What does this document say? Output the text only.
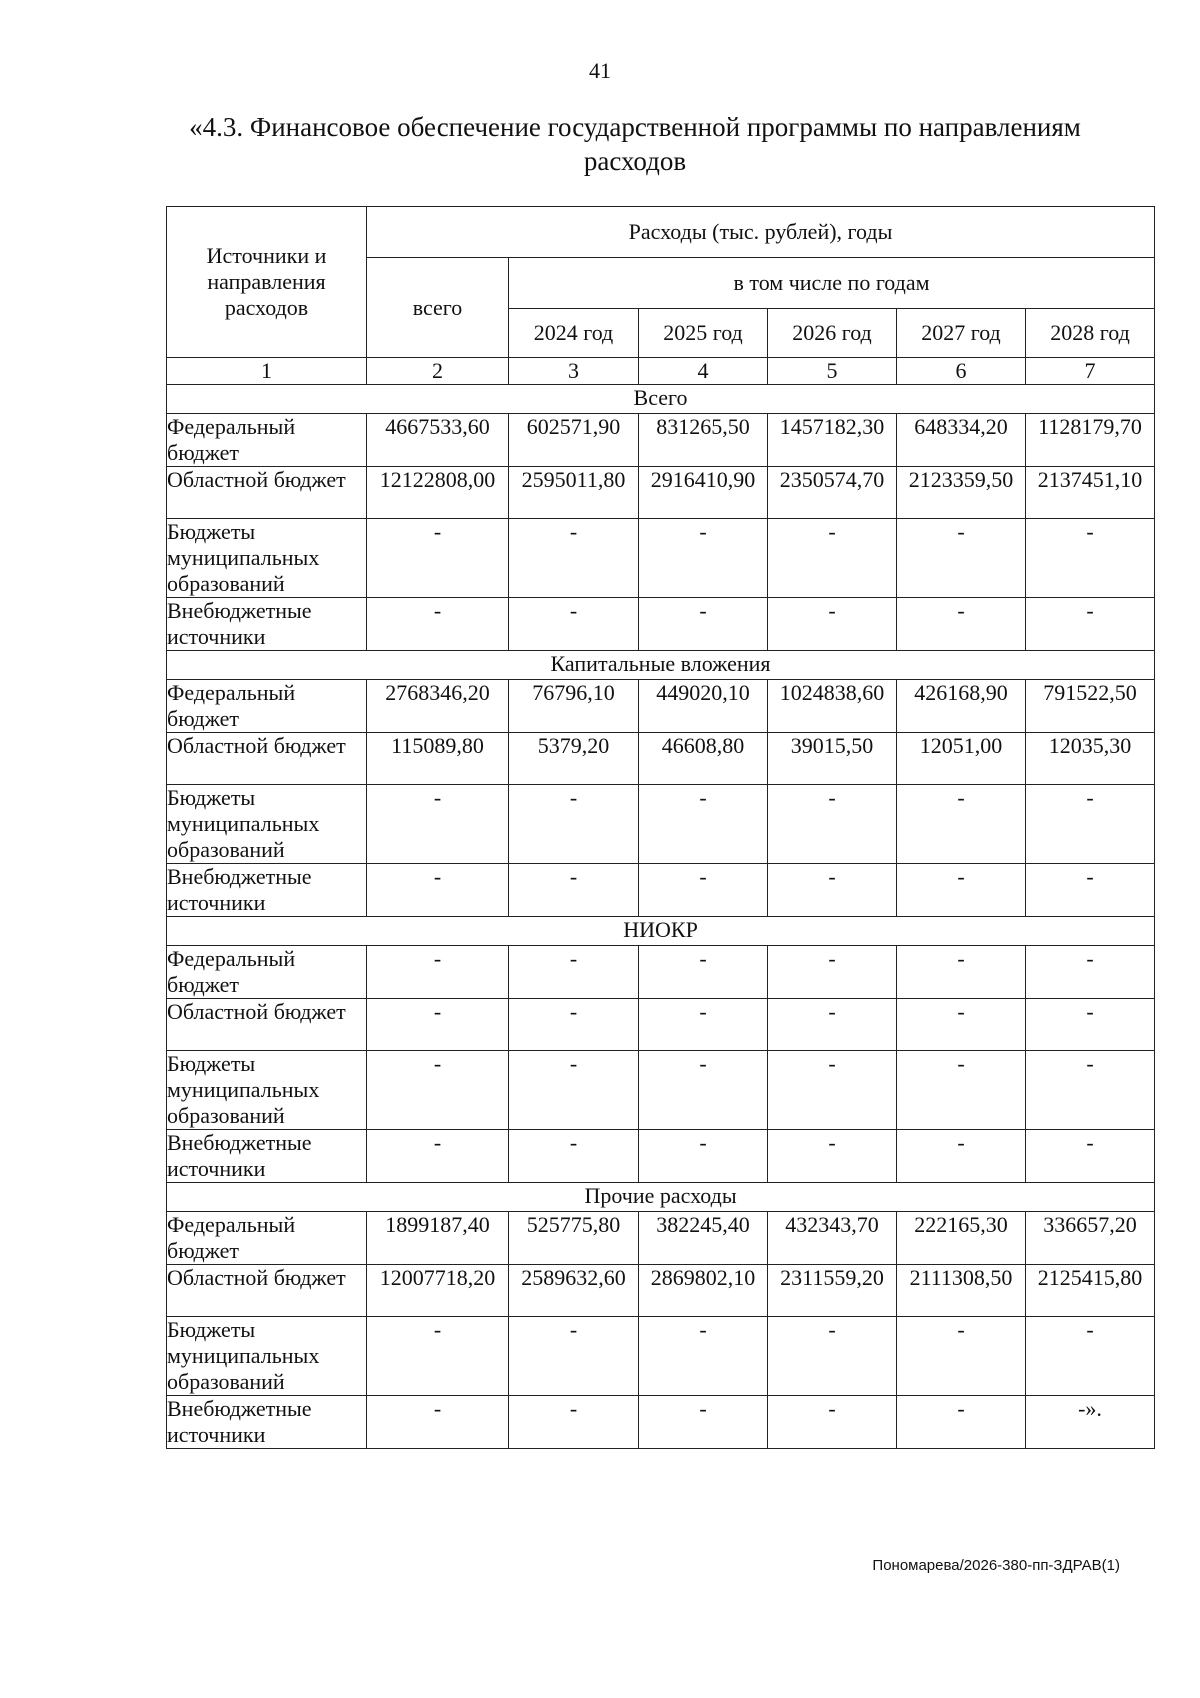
41
«4.3. Финансовое обеспечение государственной программы по направлениям
расходов
Источники и направления расходов	Расходы (тыс. рублей), годы					
	всего	в том числе по годам				
		2024 год	2025 год	2026 год	2027 год	2028 год
1	2	3	4	5	6	7
Всего						
Федеральный бюджет	4667533,60	602571,90	831265,50	1457182,30	648334,20	1128179,70
Областной бюджет	12122808,00	2595011,80	2916410,90	2350574,70	2123359,50	2137451,10
Бюджеты муниципальных образований	-	-	-	-	-	-
Внебюджетные источники	-	-	-	-	-	-
Капитальные вложения						
Федеральный бюджет	2768346,20	76796,10	449020,10	1024838,60	426168,90	791522,50
Областной бюджет	115089,80	5379,20	46608,80	39015,50	12051,00	12035,30
Бюджеты муниципальных образований	-	-	-	-	-	-
Внебюджетные источники	-	-	-	-	-	-
НИОКР						
Федеральный бюджет	-	-	-	-	-	-
Областной бюджет	-	-	-	-	-	-
Бюджеты муниципальных образований	-	-	-	-	-	-
Внебюджетные источники	-	-	-	-	-	-
Прочие расходы						
Федеральный бюджет	1899187,40	525775,80	382245,40	432343,70	222165,30	336657,20
Областной бюджет	12007718,20	2589632,60	2869802,10	2311559,20	2111308,50	2125415,80
Бюджеты муниципальных образований	-	-	-	-	-	-
Внебюджетные источники	-	-	-	-	-	-».
Пономарева/2026-380-пп-ЗДРАВ(1)
